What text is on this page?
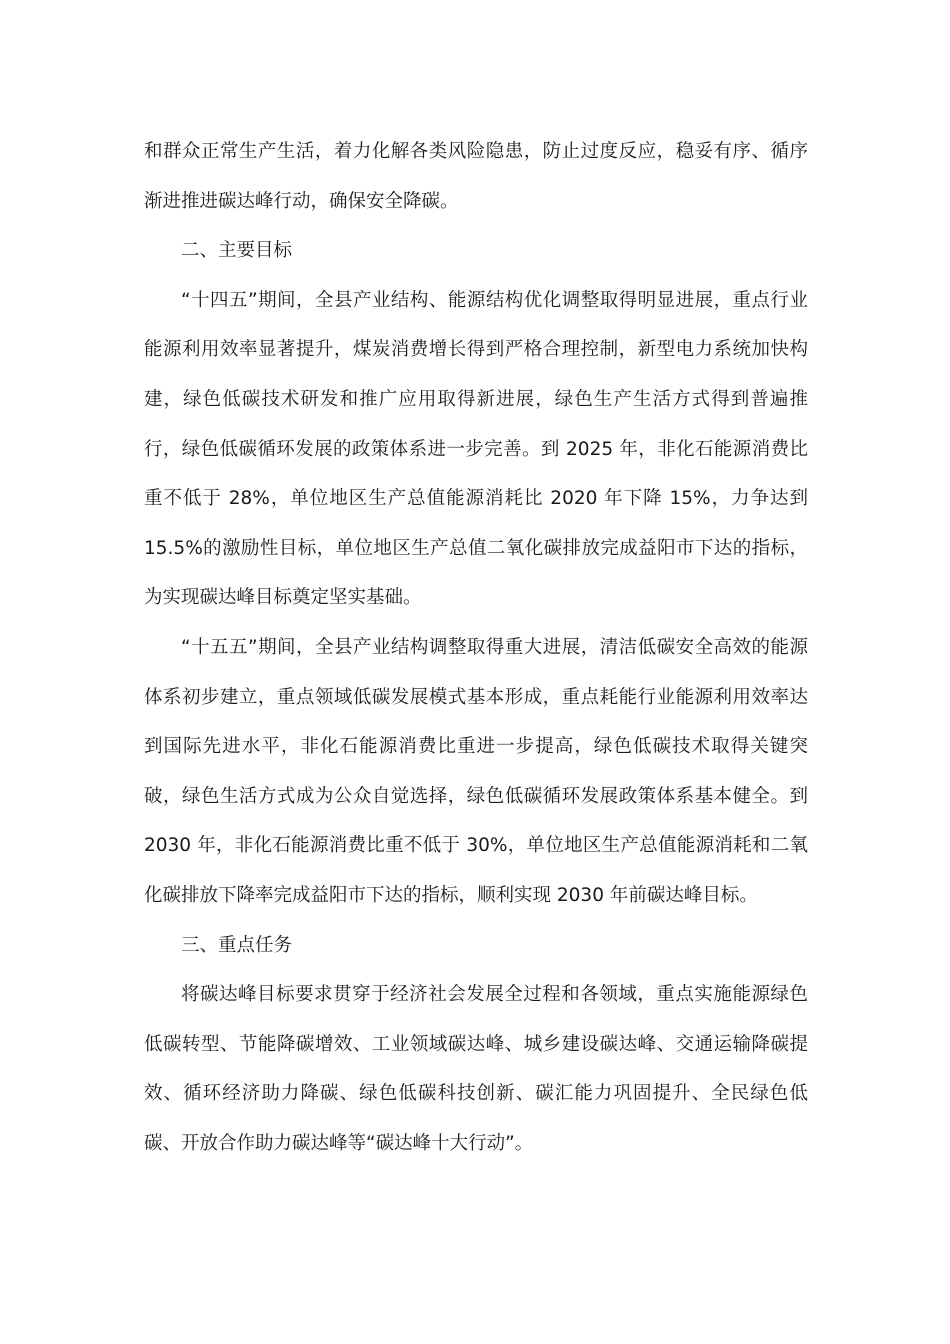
和群众正常生产生活，着力化解各类风险隐患，防止过度反应，稳妥有序、循序渐进推进碳达峰行动，确保安全降碳。

二、主要目标

“十四五”期间，全县产业结构、能源结构优化调整取得明显进展，重点行业能源利用效率显著提升，煤炭消费增长得到严格合理控制，新型电力系统加快构建，绿色低碳技术研发和推广应用取得新进展，绿色生产生活方式得到普遍推行，绿色低碳循环发展的政策体系进一步完善。到 2025 年，非化石能源消费比重不低于 28%，单位地区生产总值能源消耗比 2020 年下降 15%，力争达到 15.5%的激励性目标，单位地区生产总值二氧化碳排放完成益阳市下达的指标，为实现碳达峰目标奠定坚实基础。

“十五五”期间，全县产业结构调整取得重大进展，清洁低碳安全高效的能源体系初步建立，重点领域低碳发展模式基本形成，重点耗能行业能源利用效率达到国际先进水平，非化石能源消费比重进一步提高，绿色低碳技术取得关键突破，绿色生活方式成为公众自觉选择，绿色低碳循环发展政策体系基本健全。到 2030 年，非化石能源消费比重不低于 30%，单位地区生产总值能源消耗和二氧化碳排放下降率完成益阳市下达的指标，顺利实现 2030 年前碳达峰目标。

三、重点任务

将碳达峰目标要求贯穿于经济社会发展全过程和各领域，重点实施能源绿色低碳转型、节能降碳增效、工业领域碳达峰、城乡建设碳达峰、交通运输降碳提效、循环经济助力降碳、绿色低碳科技创新、碳汇能力巩固提升、全民绿色低碳、开放合作助力碳达峰等“碳达峰十大行动”。
